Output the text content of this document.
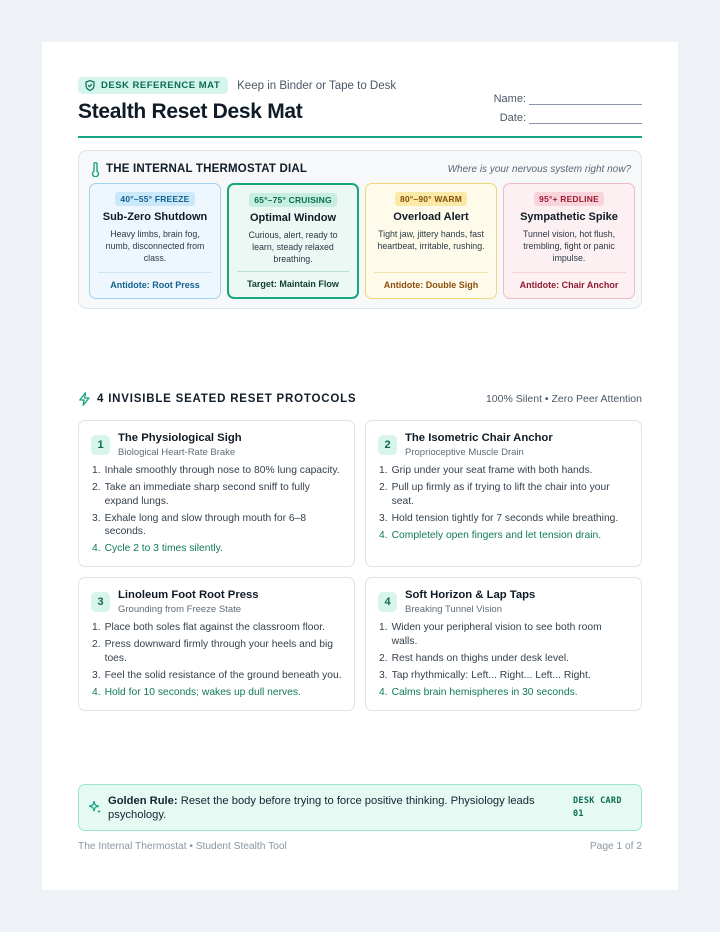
DESK REFERENCE MAT Keep in Binder or Tape to Desk
Stealth Reset Desk Mat
Name:
Date:
THE INTERNAL THERMOSTAT DIAL	Where is your nervous system right now?
40°–55° FREEZE
Sub-Zero Shutdown
Heavy limbs, brain fog, numb, disconnected from class.
Antidote: Root Press
65°–75° CRUISING
Optimal Window
Curious, alert, ready to learn, steady relaxed breathing.
Target: Maintain Flow
80°–90° WARM
Overload Alert
Tight jaw, jittery hands, fast heartbeat, irritable, rushing.
Antidote: Double Sigh
95°+ REDLINE
Sympathetic Spike
Tunnel vision, hot flush, trembling, fight or panic impulse.
Antidote: Chair Anchor
4 INVISIBLE SEATED RESET PROTOCOLS	100% Silent • Zero Peer Attention
1
The Physiological Sigh
Biological Heart-Rate Brake
1. Inhale smoothly through nose to 80% lung capacity.
2. Take an immediate sharp second sniff to fully expand lungs.
3. Exhale long and slow through mouth for 6–8 seconds.
4. Cycle 2 to 3 times silently.
2
The Isometric Chair Anchor
Proprioceptive Muscle Drain
1. Grip under your seat frame with both hands.
2. Pull up firmly as if trying to lift the chair into your seat.
3. Hold tension tightly for 7 seconds while breathing.
4. Completely open fingers and let tension drain.
3
Linoleum Foot Root Press
Grounding from Freeze State
1. Place both soles flat against the classroom floor.
2. Press downward firmly through your heels and big toes.
3. Feel the solid resistance of the ground beneath you.
4. Hold for 10 seconds; wakes up dull nerves.
4
Soft Horizon & Lap Taps
Breaking Tunnel Vision
1. Widen your peripheral vision to see both room walls.
2. Rest hands on thighs under desk level.
3. Tap rhythmically: Left... Right... Left... Right.
4. Calms brain hemispheres in 30 seconds.
Golden Rule: Reset the body before trying to force positive thinking. Physiology leads psychology.
DESK CARD
01
The Internal Thermostat • Student Stealth Tool	Page 1 of 2
